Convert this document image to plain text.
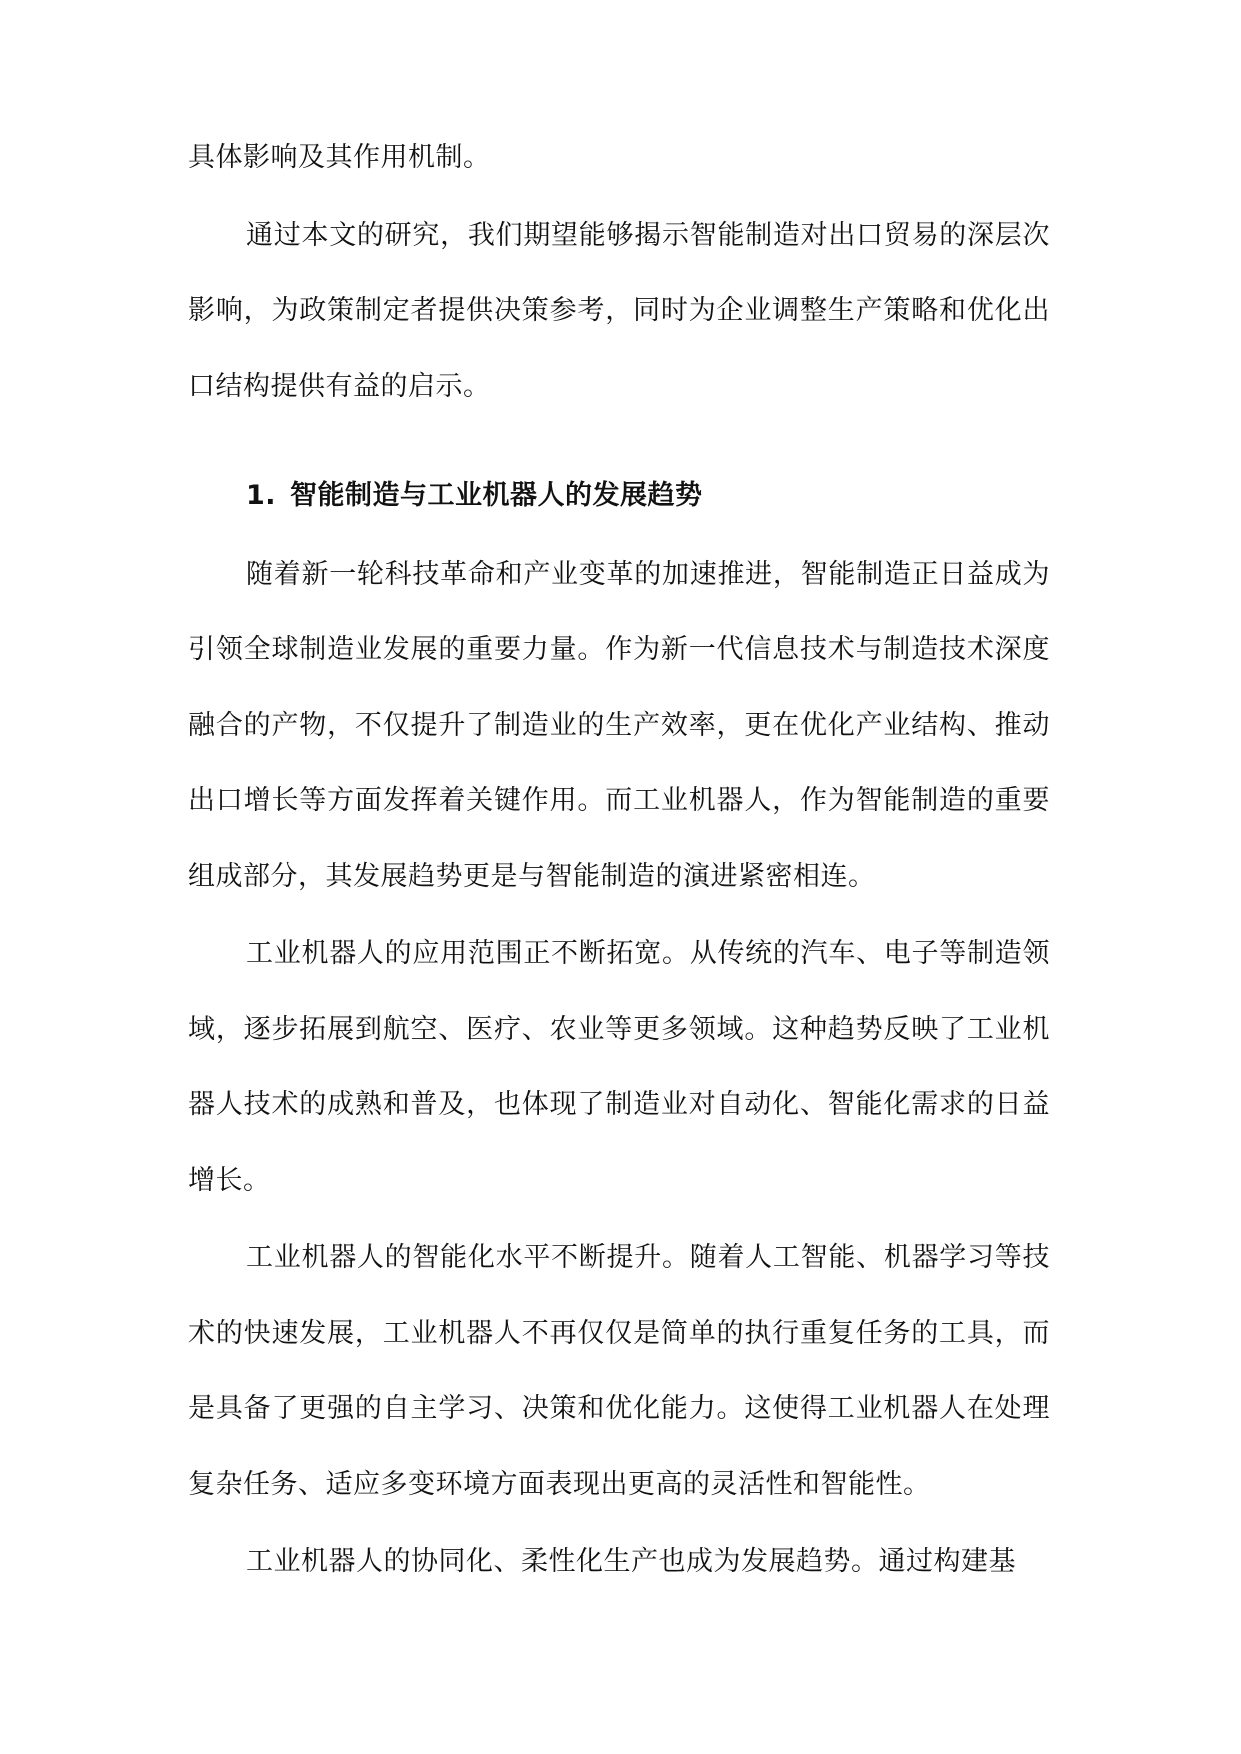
具体影响及其作用机制。

通过本文的研究，我们期望能够揭示智能制造对出口贸易的深层次影响，为政策制定者提供决策参考，同时为企业调整生产策略和优化出口结构提供有益的启示。

1. 智能制造与工业机器人的发展趋势

随着新一轮科技革命和产业变革的加速推进，智能制造正日益成为引领全球制造业发展的重要力量。作为新一代信息技术与制造技术深度融合的产物，不仅提升了制造业的生产效率，更在优化产业结构、推动出口增长等方面发挥着关键作用。而工业机器人，作为智能制造的重要组成部分，其发展趋势更是与智能制造的演进紧密相连。

工业机器人的应用范围正不断拓宽。从传统的汽车、电子等制造领域，逐步拓展到航空、医疗、农业等更多领域。这种趋势反映了工业机器人技术的成熟和普及，也体现了制造业对自动化、智能化需求的日益增长。

工业机器人的智能化水平不断提升。随着人工智能、机器学习等技术的快速发展，工业机器人不再仅仅是简单的执行重复任务的工具，而是具备了更强的自主学习、决策和优化能力。这使得工业机器人在处理复杂任务、适应多变环境方面表现出更高的灵活性和智能性。

工业机器人的协同化、柔性化生产也成为发展趋势。通过构建基
